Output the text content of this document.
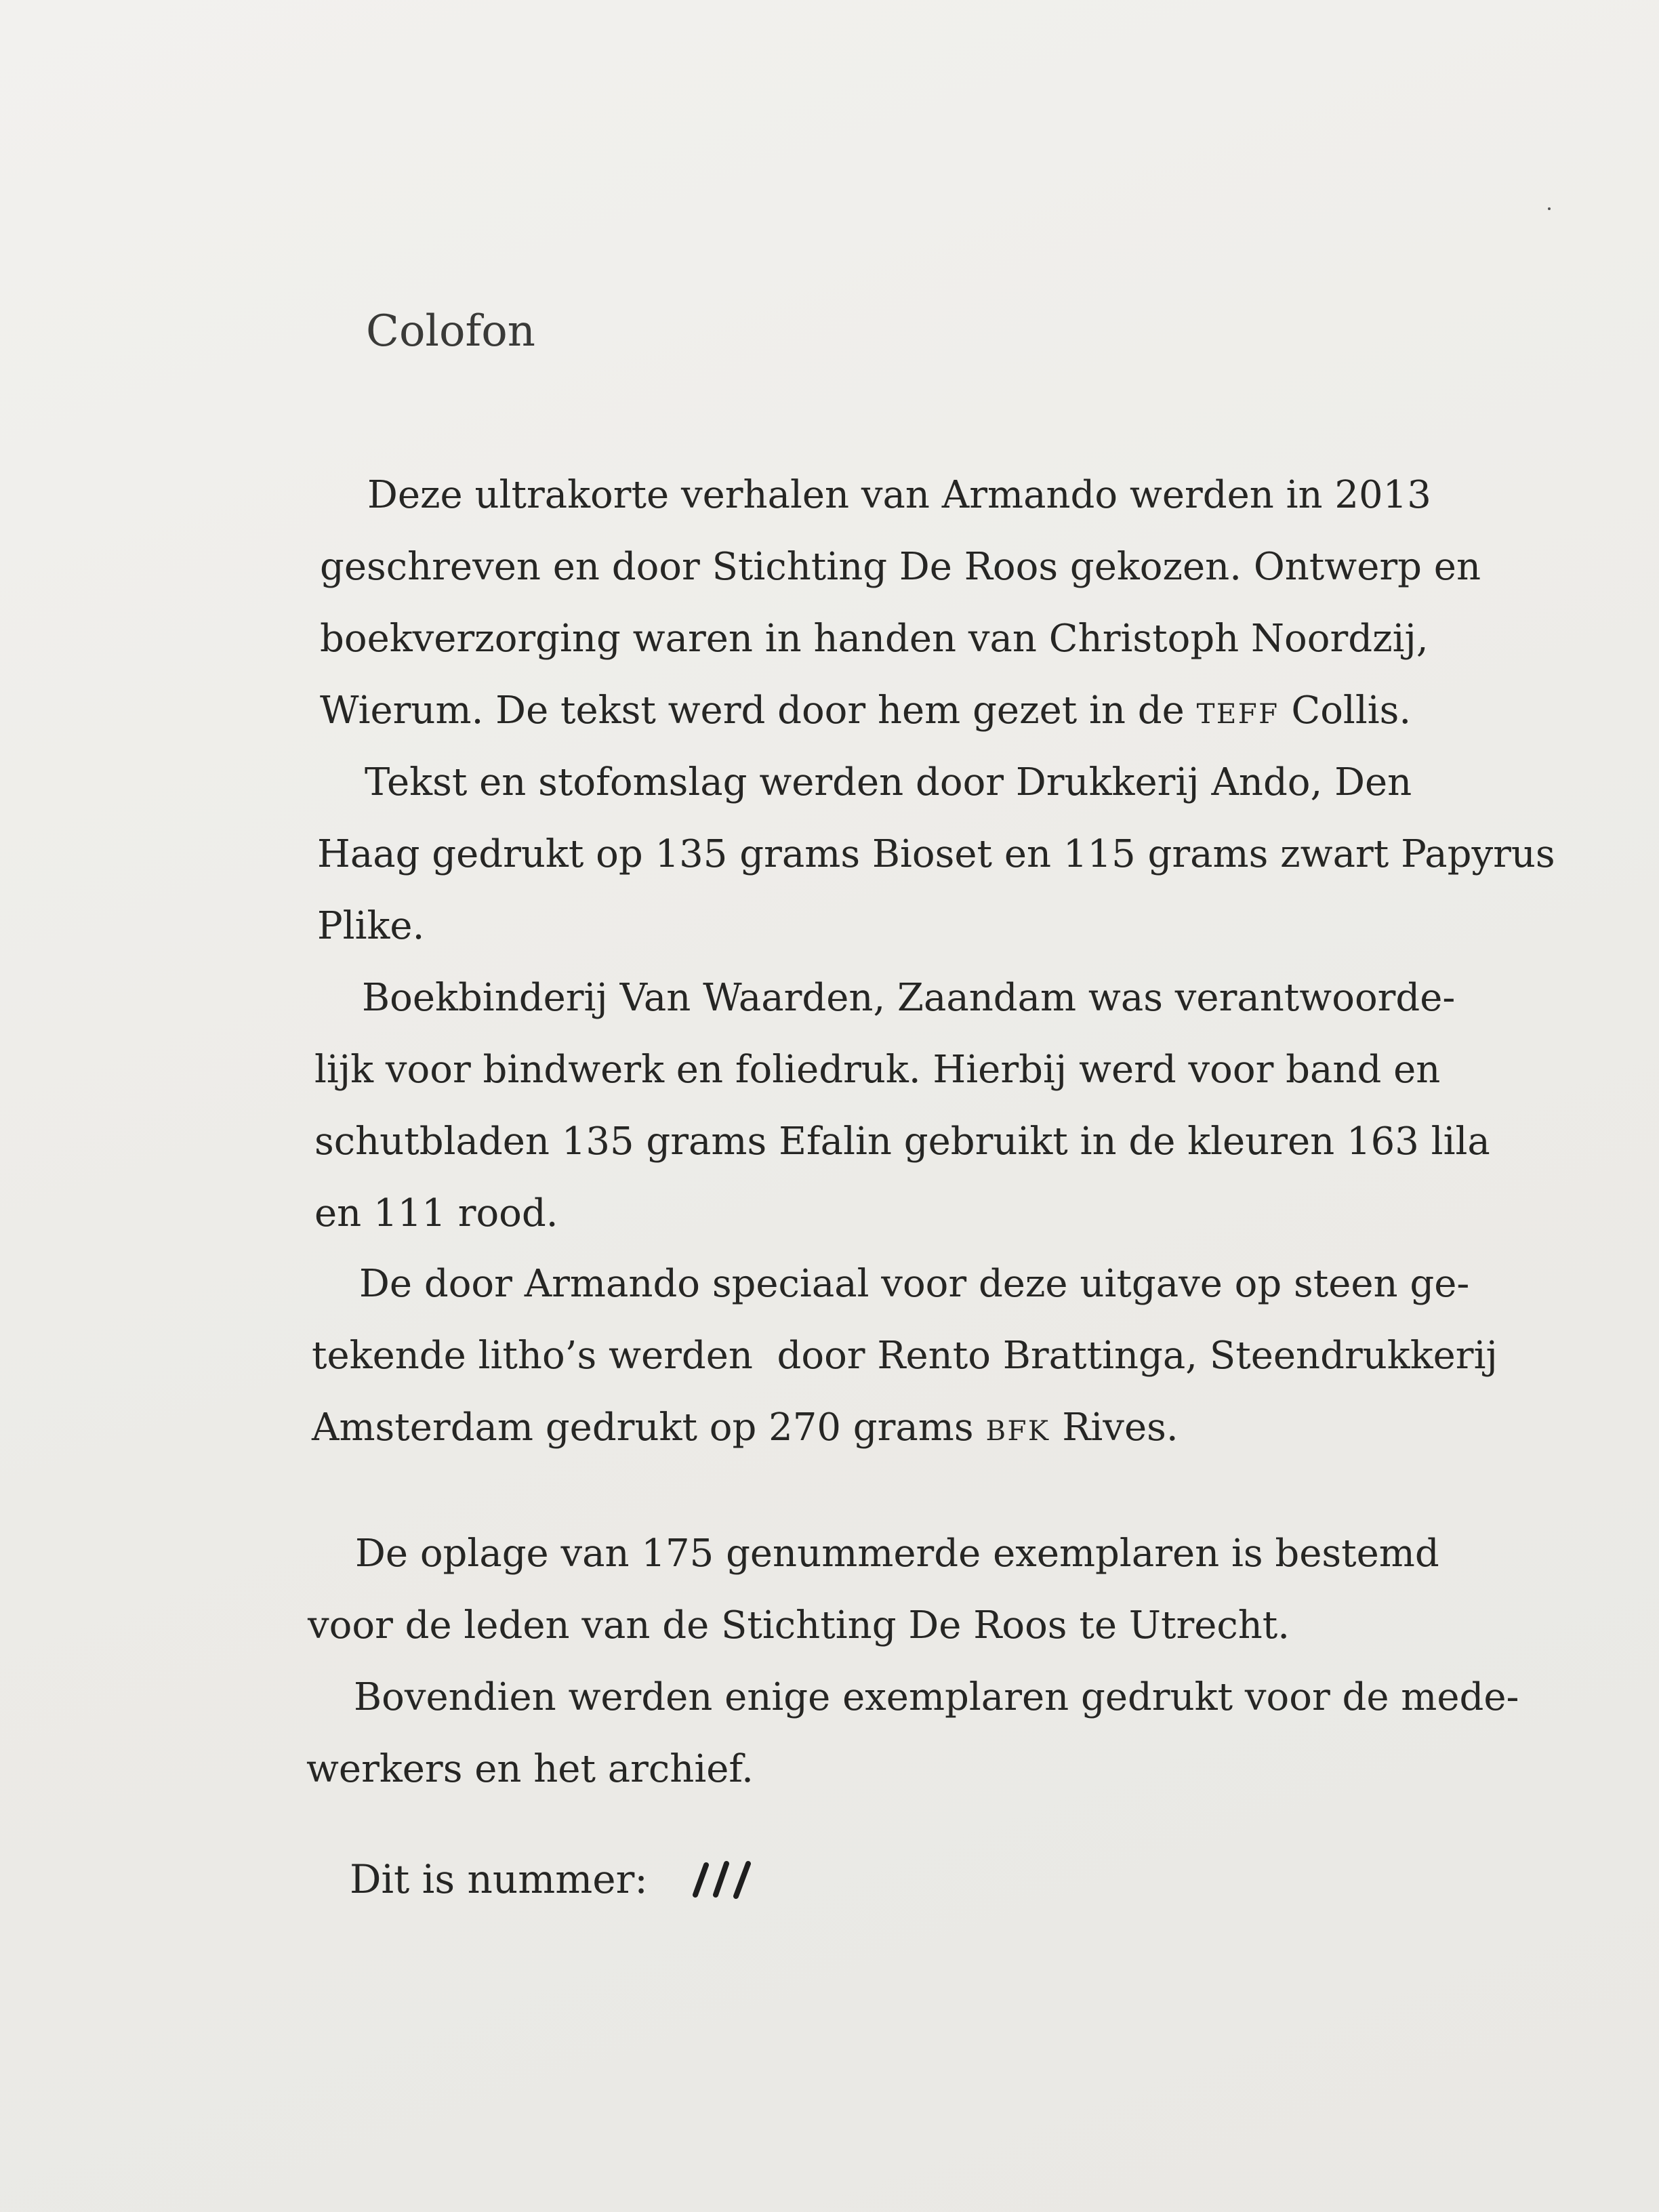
Colofon
Deze ultrakorte verhalen van Armando werden in 2013
geschreven en door Stichting De Roos gekozen. Ontwerp en
boekverzorging waren in handen van Christoph Noordzij,
Wierum. De tekst werd door hem gezet in de TEFF Collis.
Tekst en stofomslag werden door Drukkerij Ando, Den
Haag gedrukt op 135 grams Bioset en 115 grams zwart Papyrus
Plike.
Boekbinderij Van Waarden, Zaandam was verantwoorde-
lijk voor bindwerk en foliedruk. Hierbij werd voor band en
schutbladen 135 grams Efalin gebruikt in de kleuren 163 lila
en 111 rood.
De door Armando speciaal voor deze uitgave op steen ge-
tekende litho’s werden  door Rento Brattinga, Steendrukkerij
Amsterdam gedrukt op 270 grams BFK Rives.
De oplage van 175 genummerde exemplaren is bestemd
voor de leden van de Stichting De Roos te Utrecht.
Bovendien werden enige exemplaren gedrukt voor de mede-
werkers en het archief.
Dit is nummer:
